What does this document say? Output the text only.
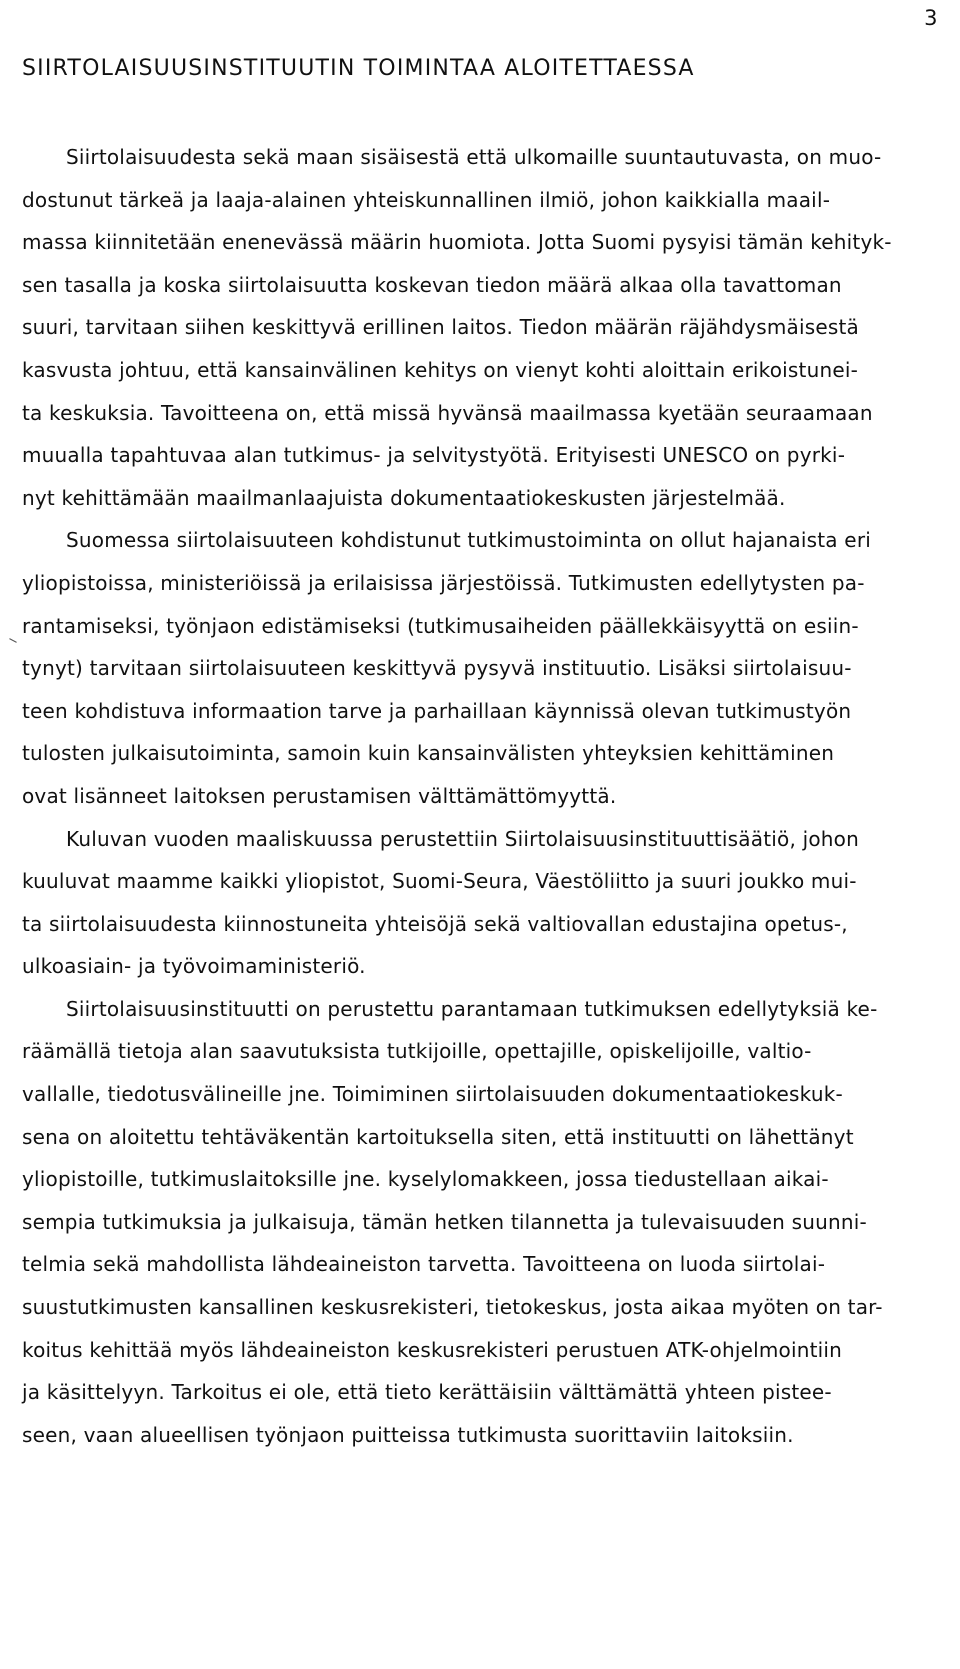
3
SIIRTOLAISUUSINSTITUUTIN TOIMINTAA ALOITETTAESSA
Siirtolaisuudesta sekä maan sisäisestä että ulkomaille suuntautuvasta, on muo-
dostunut tärkeä ja laaja-alainen yhteiskunnallinen ilmiö, johon kaikkialla maail-
massa kiinnitetään enenevässä määrin huomiota. Jotta Suomi pysyisi tämän kehityk-
sen tasalla ja koska siirtolaisuutta koskevan tiedon määrä alkaa olla tavattoman
suuri, tarvitaan siihen keskittyvä erillinen laitos. Tiedon määrän räjähdysmäisestä
kasvusta johtuu, että kansainvälinen kehitys on vienyt kohti aloittain erikoistunei-
ta keskuksia. Tavoitteena on, että missä hyvänsä maailmassa kyetään seuraamaan
muualla tapahtuvaa alan tutkimus- ja selvitystyötä. Erityisesti UNESCO on pyrki-
nyt kehittämään maailmanlaajuista dokumentaatiokeskusten järjestelmää.
Suomessa siirtolaisuuteen kohdistunut tutkimustoiminta on ollut hajanaista eri
yliopistoissa, ministeriöissä ja erilaisissa järjestöissä. Tutkimusten edellytysten pa-
rantamiseksi, työnjaon edistämiseksi (tutkimusaiheiden päällekkäisyyttä on esiin-
tynyt) tarvitaan siirtolaisuuteen keskittyvä pysyvä instituutio. Lisäksi siirtolaisuu-
teen kohdistuva informaation tarve ja parhaillaan käynnissä olevan tutkimustyön
tulosten julkaisutoiminta, samoin kuin kansainvälisten yhteyksien kehittäminen
ovat lisänneet laitoksen perustamisen välttämättömyyttä.
Kuluvan vuoden maaliskuussa perustettiin Siirtolaisuusinstituuttisäätiö, johon
kuuluvat maamme kaikki yliopistot, Suomi-Seura, Väestöliitto ja suuri joukko mui-
ta siirtolaisuudesta kiinnostuneita yhteisöjä sekä valtiovallan edustajina opetus-,
ulkoasiain- ja työvoimaministeriö.
Siirtolaisuusinstituutti on perustettu parantamaan tutkimuksen edellytyksiä ke-
räämällä tietoja alan saavutuksista tutkijoille, opettajille, opiskelijoille, valtio-
vallalle, tiedotusvälineille jne. Toimiminen siirtolaisuuden dokumentaatiokeskuk-
sena on aloitettu tehtäväkentän kartoituksella siten, että instituutti on lähettänyt
yliopistoille, tutkimuslaitoksille jne. kyselylomakkeen, jossa tiedustellaan aikai-
sempia tutkimuksia ja julkaisuja, tämän hetken tilannetta ja tulevaisuuden suunni-
telmia sekä mahdollista lähdeaineiston tarvetta. Tavoitteena on luoda siirtolai-
suustutkimusten kansallinen keskusrekisteri, tietokeskus, josta aikaa myöten on tar-
koitus kehittää myös lähdeaineiston keskusrekisteri perustuen ATK-ohjelmointiin
ja käsittelyyn. Tarkoitus ei ole, että tieto kerättäisiin välttämättä yhteen pistee-
seen, vaan alueellisen työnjaon puitteissa tutkimusta suorittaviin laitoksiin.
